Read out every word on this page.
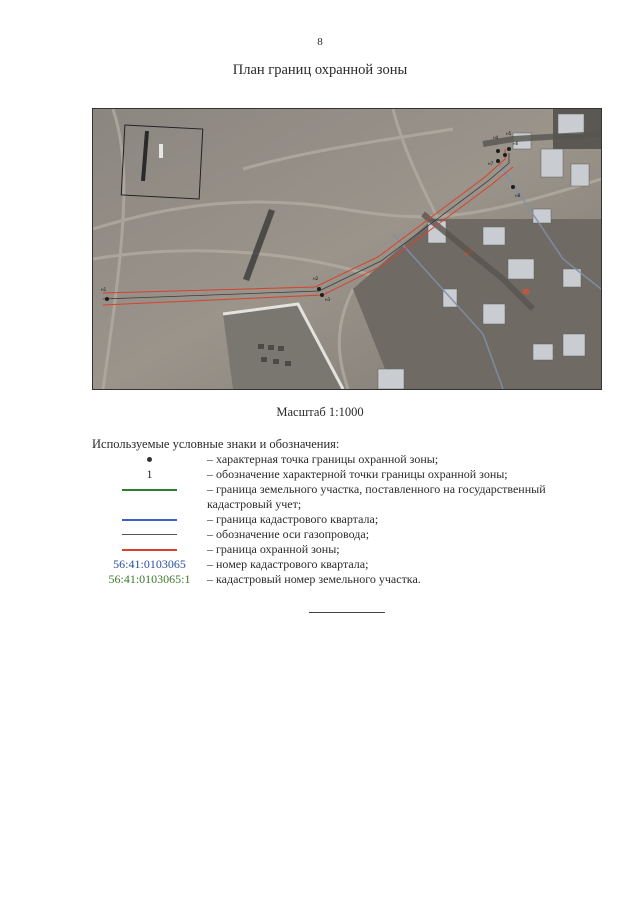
8
План границ охранной зоны
н1
н2
н3
н4
н5
н6
н7
н8
Масштаб 1:1000
Используемые условные знаки и обозначения:
– характерная точка границы охранной зоны;
1	– обозначение характерной точки границы охранной зоны;
– граница земельного участка, поставленного на государственный кадастровый учет;
– граница кадастрового квартала;
– обозначение оси газопровода;
– граница охранной зоны;
56:41:0103065	– номер кадастрового квартала;
56:41:0103065:1	– кадастровый номер земельного участка.
